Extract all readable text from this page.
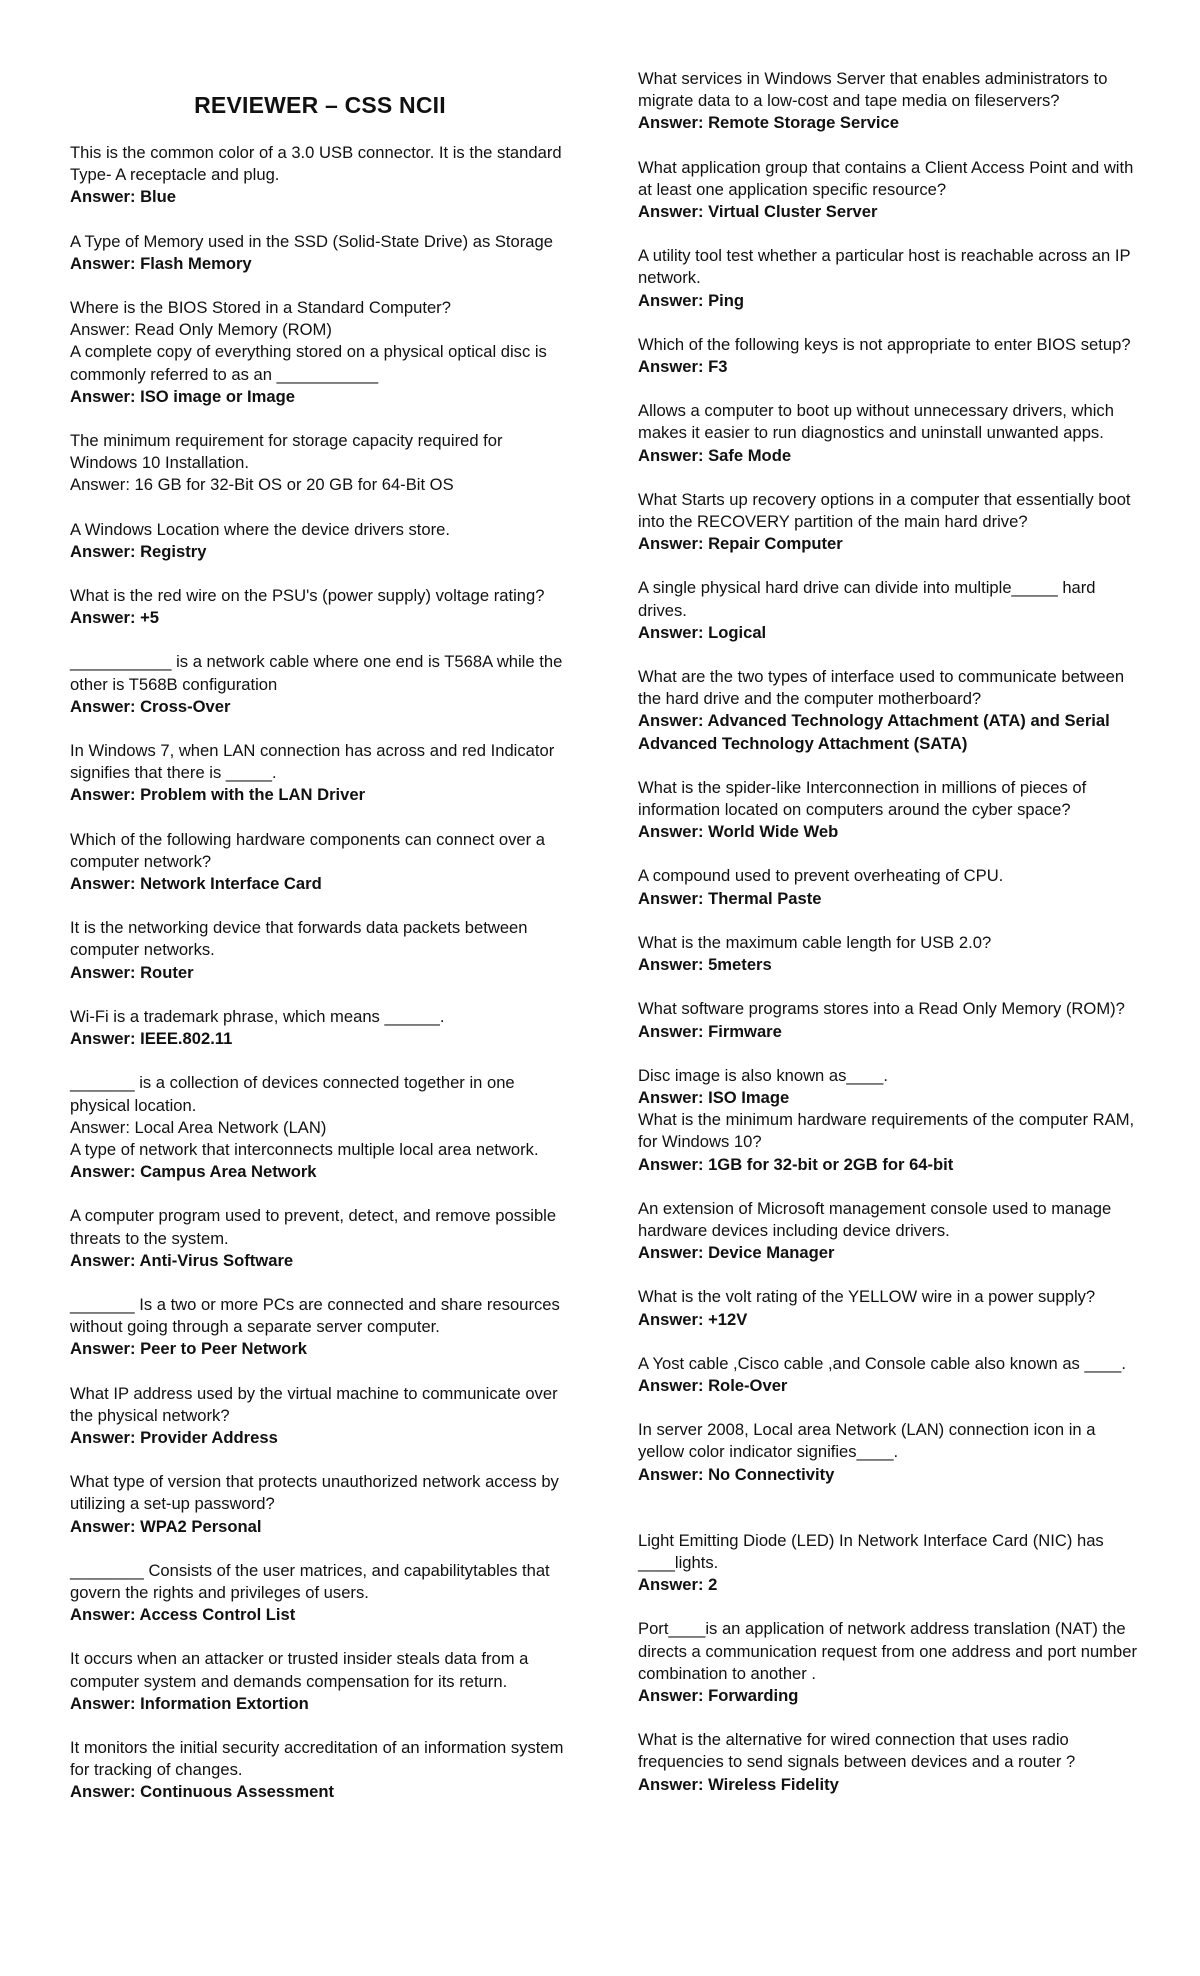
REVIEWER – CSS NCII
This is the common color of a 3.0 USB connector. It is the standard Type- A receptacle and plug.
Answer: Blue
A Type of Memory used in the SSD (Solid-State Drive) as Storage
Answer: Flash Memory
Where is the BIOS Stored in a Standard Computer?
Answer: Read Only Memory (ROM)
A complete copy of everything stored on a physical optical disc is commonly referred to as an ___________
Answer: ISO image or Image
The minimum requirement for storage capacity required for Windows 10 Installation.
Answer: 16 GB for 32-Bit OS or 20 GB for 64-Bit OS
A Windows Location where the device drivers store.
Answer: Registry
What is the red wire on the PSU's (power supply) voltage rating?
Answer: +5
___________ is a network cable where one end is T568A while the other is T568B configuration
Answer: Cross-Over
In Windows 7, when LAN connection has across and red Indicator signifies that there is _____.
Answer: Problem with the LAN Driver
Which of the following hardware components can connect over a computer network?
Answer: Network Interface Card
It is the networking device that forwards data packets between computer networks.
Answer: Router
Wi-Fi is a trademark phrase, which means ______.
Answer: IEEE.802.11
_______ is a collection of devices connected together in one physical location.
Answer: Local Area Network (LAN)
A type of network that interconnects multiple local area network.
Answer: Campus Area Network
A computer program used to prevent, detect, and remove possible threats to the system.
Answer: Anti-Virus Software
_______ Is a two or more PCs are connected and share resources without going through a separate server computer.
Answer: Peer to Peer Network
What IP address used by the virtual machine to communicate over the physical network?
Answer: Provider Address
What type of version that protects unauthorized network access by utilizing a set-up password?
Answer: WPA2 Personal
________ Consists of the user matrices, and capabilitytables that govern the rights and privileges of users.
Answer: Access Control List
It occurs when an attacker or trusted insider steals data from a computer system and demands compensation for its return.
Answer: Information Extortion
It monitors the initial security accreditation of an information system for tracking of changes.
Answer: Continuous Assessment
What services in Windows Server that enables administrators to migrate data to a low-cost and tape media on fileservers?
Answer: Remote Storage Service
What application group that contains a Client Access Point and with at least one application specific resource?
Answer: Virtual Cluster Server
A utility tool test whether a particular host is reachable across an IP network.
Answer: Ping
Which of the following keys is not appropriate to enter BIOS setup?
Answer: F3
Allows a computer to boot up without unnecessary drivers, which makes it easier to run diagnostics and uninstall unwanted apps.
Answer: Safe Mode
What Starts up recovery options in a computer that essentially boot into the RECOVERY partition of the main hard drive?
Answer: Repair Computer
A single physical hard drive can divide into multiple_____ hard drives.
Answer: Logical
What are the two types of interface used to communicate between the hard drive and the computer motherboard?
Answer: Advanced Technology Attachment (ATA) and Serial Advanced Technology Attachment (SATA)
What is the spider-like Interconnection in millions of pieces of information located on computers around the cyber space?
Answer: World Wide Web
A compound used to prevent overheating of CPU.
Answer: Thermal Paste
What is the maximum cable length for USB 2.0?
Answer: 5meters
What software programs stores into a Read Only Memory (ROM)?
Answer: Firmware
Disc image is also known as____.
Answer: ISO Image
What is the minimum hardware requirements of the computer RAM, for Windows 10?
Answer: 1GB for 32-bit or 2GB for 64-bit
An extension of Microsoft management console used to manage hardware devices including device drivers.
Answer: Device Manager
What is the volt rating of the YELLOW wire in a power supply?
Answer: +12V
A Yost cable ,Cisco cable ,and Console cable also known as ____.
Answer: Role-Over
In server 2008, Local area Network (LAN) connection icon in a yellow color indicator signifies____.
Answer: No Connectivity
Light Emitting Diode (LED) In Network Interface Card (NIC) has ____lights.
Answer: 2
Port____is an application of network address translation (NAT) the directs a communication request from one address and port number combination to another .
Answer: Forwarding
What is the alternative for wired connection that uses radio frequencies to send signals between devices and a router ?
Answer: Wireless Fidelity
